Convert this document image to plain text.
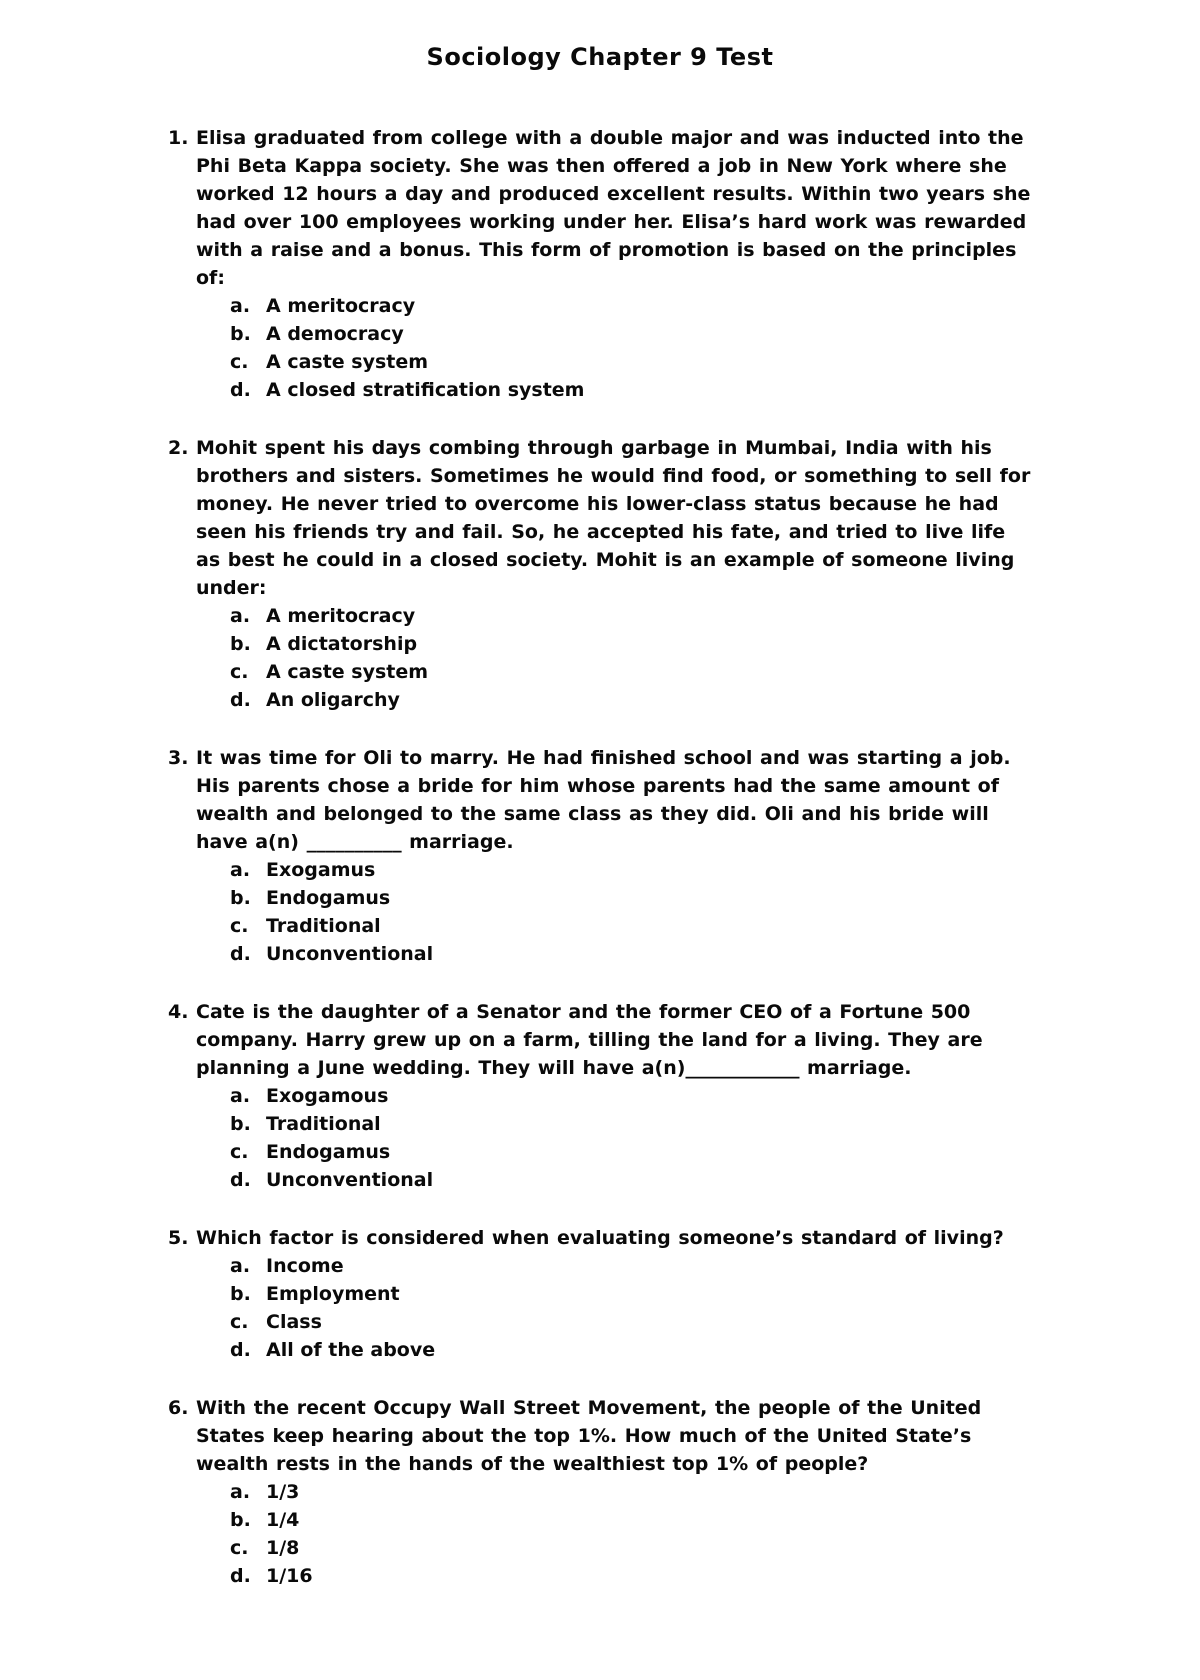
Sociology Chapter 9 Test
1. Elisa graduated from college with a double major and was inducted into the Phi Beta Kappa society. She was then offered a job in New York where she worked 12 hours a day and produced excellent results. Within two years she had over 100 employees working under her. Elisa’s hard work was rewarded with a raise and a bonus. This form of promotion is based on the principles of:
a. A meritocracy
b. A democracy
c. A caste system
d. A closed stratification system
2. Mohit spent his days combing through garbage in Mumbai, India with his brothers and sisters. Sometimes he would find food, or something to sell for money. He never tried to overcome his lower-class status because he had seen his friends try and fail. So, he accepted his fate, and tried to live life as best he could in a closed society. Mohit is an example of someone living under:
a. A meritocracy
b. A dictatorship
c. A caste system
d. An oligarchy
3. It was time for Oli to marry. He had finished school and was starting a job. His parents chose a bride for him whose parents had the same amount of wealth and belonged to the same class as they did. Oli and his bride will have a(n) __________ marriage.
a. Exogamus
b. Endogamus
c. Traditional
d. Unconventional
4. Cate is the daughter of a Senator and the former CEO of a Fortune 500 company. Harry grew up on a farm, tilling the land for a living. They are planning a June wedding. They will have a(n)____________ marriage.
a. Exogamous
b. Traditional
c. Endogamus
d. Unconventional
5. Which factor is considered when evaluating someone’s standard of living?
a. Income
b. Employment
c. Class
d. All of the above
6. With the recent Occupy Wall Street Movement, the people of the United States keep hearing about the top 1%. How much of the United State’s wealth rests in the hands of the wealthiest top 1% of people?
a. 1/3
b. 1/4
c. 1/8
d. 1/16
